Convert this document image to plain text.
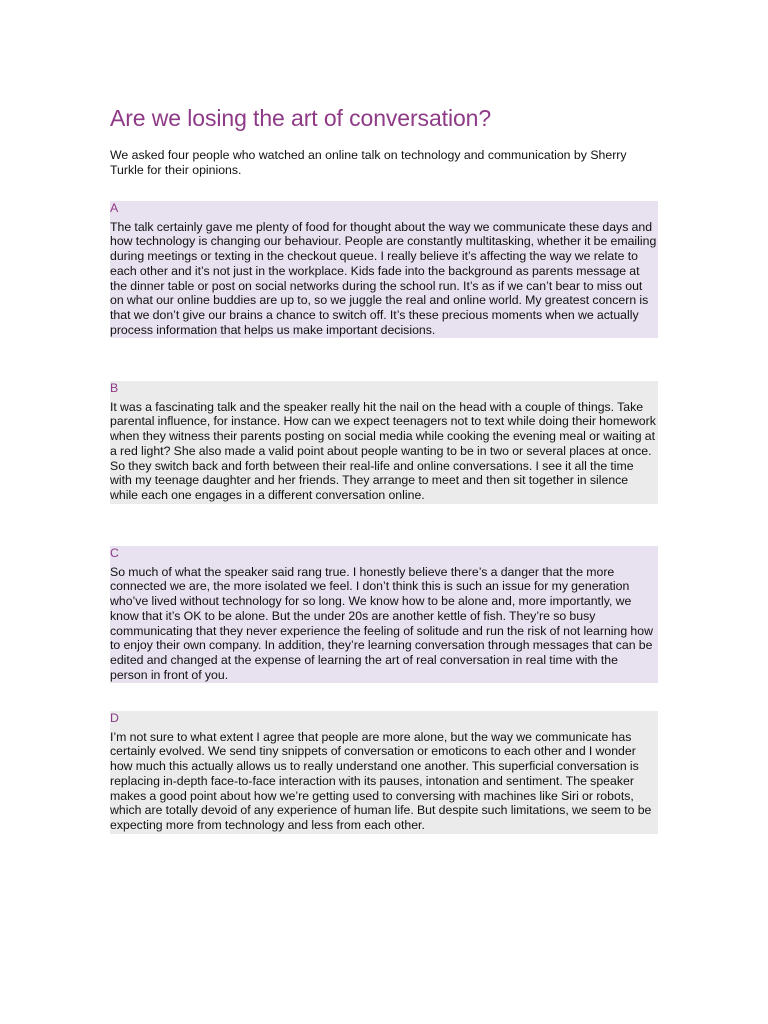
Are we losing the art of conversation?

We asked four people who watched an online talk on technology and communication by Sherry Turkle for their opinions.

A
The talk certainly gave me plenty of food for thought about the way we communicate these days and how technology is changing our behaviour. People are constantly multitasking, whether it be emailing during meetings or texting in the checkout queue. I really believe it’s affecting the way we relate to each other and it’s not just in the workplace. Kids fade into the background as parents message at the dinner table or post on social networks during the school run. It’s as if we can’t bear to miss out on what our online buddies are up to, so we juggle the real and online world. My greatest concern is that we don’t give our brains a chance to switch off. It’s these precious moments when we actually process information that helps us make important decisions.
B
It was a fascinating talk and the speaker really hit the nail on the head with a couple of things. Take parental influence, for instance. How can we expect teenagers not to text while doing their homework when they witness their parents posting on social media while cooking the evening meal or waiting at a red light? She also made a valid point about people wanting to be in two or several places at once. So they switch back and forth between their real-life and online conversations. I see it all the time with my teenage daughter and her friends. They arrange to meet and then sit together in silence while each one engages in a different conversation online.
C
So much of what the speaker said rang true. I honestly believe there’s a danger that the more connected we are, the more isolated we feel. I don’t think this is such an issue for my generation who’ve lived without technology for so long. We know how to be alone and, more importantly, we know that it’s OK to be alone. But the under 20s are another kettle of fish. They’re so busy communicating that they never experience the feeling of solitude and run the risk of not learning how to enjoy their own company. In addition, they’re learning conversation through messages that can be edited and changed at the expense of learning the art of real conversation in real time with the person in front of you.
D
I’m not sure to what extent I agree that people are more alone, but the way we communicate has certainly evolved. We send tiny snippets of conversation or emoticons to each other and I wonder how much this actually allows us to really understand one another. This superficial conversation is replacing in-depth face-to-face interaction with its pauses, intonation and sentiment. The speaker makes a good point about how we’re getting used to conversing with machines like Siri or robots, which are totally devoid of any experience of human life. But despite such limitations, we seem to be expecting more from technology and less from each other.
